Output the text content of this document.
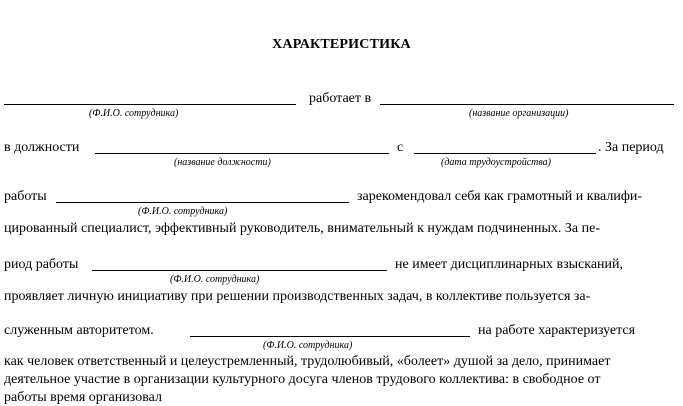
ХАРАКТЕРИСТИКА
работает в
(Ф.И.О. сотрудника)	(название организации)
в должности	с	. За период
(название должности)	(дата трудоустройства)
работы	зарекомендовал себя как грамотный и квалифи-
(Ф.И.О. сотрудника)
цированный специалист, эффективный руководитель, внимательный к нуждам подчиненных. За пе-
риод работы	не имеет дисциплинарных взысканий,
(Ф.И.О. сотрудника)
проявляет личную инициативу при решении производственных задач, в коллективе пользуется за-
служенным авторитетом.	на работе характеризуется
(Ф.И.О. сотрудника)
как человек ответственный и целеустремленный, трудолюбивый, «болеет» душой за дело, принимает
деятельное участие в организации культурного досуга членов трудового коллектива: в свободное от
работы время организовал
